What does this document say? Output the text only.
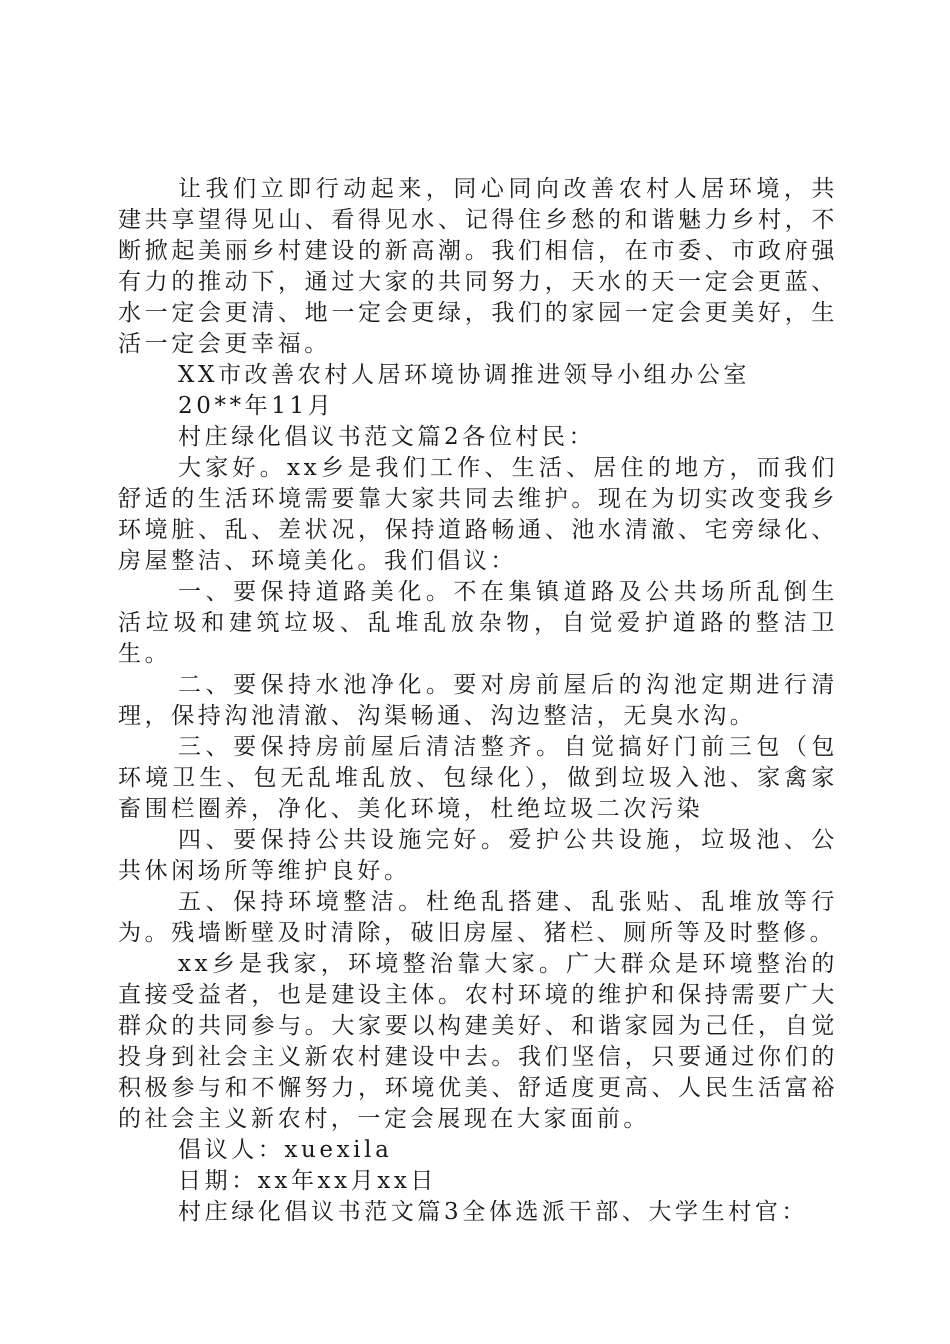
让我们立即行动起来，同心同向改善农村人居环境，共建共享望得见山、看得见水、记得住乡愁的和谐魅力乡村，不断掀起美丽乡村建设的新高潮。我们相信，在市委、市政府强有力的推动下，通过大家的共同努力，天水的天一定会更蓝、水一定会更清、地一定会更绿，我们的家园一定会更美好，生活一定会更幸福。

XX市改善农村人居环境协调推进领导小组办公室

20**年11月

村庄绿化倡议书范文篇2各位村民：

大家好。xx乡是我们工作、生活、居住的地方，而我们舒适的生活环境需要靠大家共同去维护。现在为切实改变我乡环境脏、乱、差状况，保持道路畅通、池水清澈、宅旁绿化、房屋整洁、环境美化。我们倡议：

一、要保持道路美化。不在集镇道路及公共场所乱倒生活垃圾和建筑垃圾、乱堆乱放杂物，自觉爱护道路的整洁卫生。

二、要保持水池净化。要对房前屋后的沟池定期进行清理，保持沟池清澈、沟渠畅通、沟边整洁，无臭水沟。

三、要保持房前屋后清洁整齐。自觉搞好门前三包（包环境卫生、包无乱堆乱放、包绿化），做到垃圾入池、家禽家畜围栏圈养，净化、美化环境，杜绝垃圾二次污染

四、要保持公共设施完好。爱护公共设施，垃圾池、公共休闲场所等维护良好。

五、保持环境整洁。杜绝乱搭建、乱张贴、乱堆放等行为。残墙断壁及时清除，破旧房屋、猪栏、厕所等及时整修。

xx乡是我家，环境整治靠大家。广大群众是环境整治的直接受益者，也是建设主体。农村环境的维护和保持需要广大群众的共同参与。大家要以构建美好、和谐家园为己任，自觉投身到社会主义新农村建设中去。我们坚信，只要通过你们的积极参与和不懈努力，环境优美、舒适度更高、人民生活富裕的社会主义新农村，一定会展现在大家面前。

倡议人：xuexila

日期：xx年xx月xx日

村庄绿化倡议书范文篇3全体选派干部、大学生村官：
